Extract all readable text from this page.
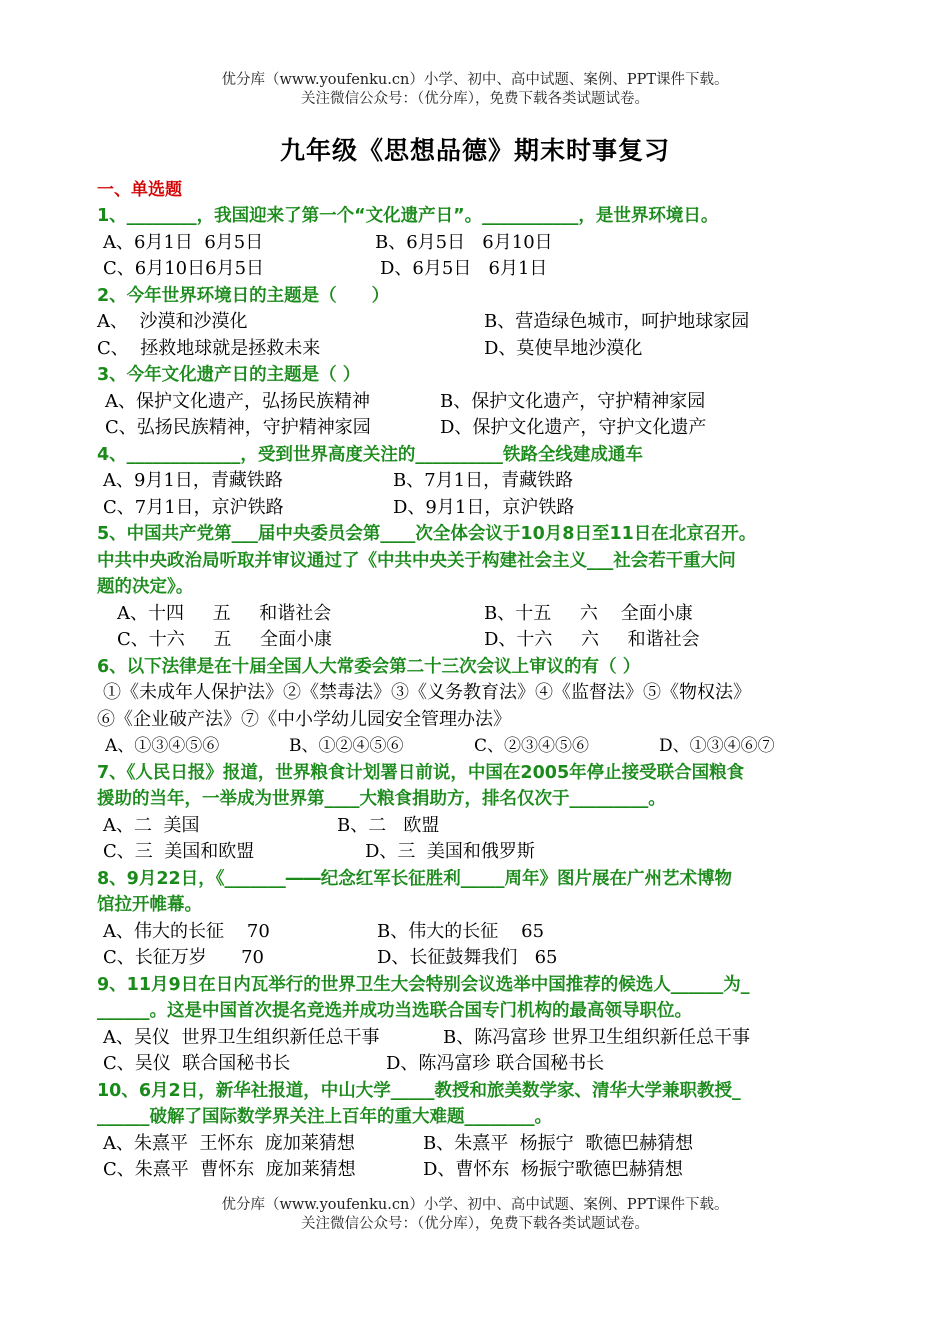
优分库（www.youfenku.cn）小学、初中、高中试题、案例、PPT课件下载。
关注微信公众号：（优分库），免费下载各类试题试卷。
九年级《思想品德》期末时事复习
一、单选题
1、________，我国迎来了第一个“文化遗产日”。___________，是世界环境日。
A、6月1日  6月5日	B、6月5日   6月10日
C、6月10日6月5日	D、6月5日   6月1日
2、今年世界环境日的主题是（　　）
A、  沙漠和沙漠化	B、营造绿色城市，呵护地球家园
C、  拯救地球就是拯救未来	D、莫使旱地沙漠化
3、今年文化遗产日的主题是（ ）
A、保护文化遗产，弘扬民族精神	B、保护文化遗产，守护精神家园
C、弘扬民族精神，守护精神家园	D、保护文化遗产，守护文化遗产
4、_____________，受到世界高度关注的__________铁路全线建成通车
A、9月1日，青藏铁路	B、7月1日，青藏铁路
C、7月1日，京沪铁路	D、9月1日，京沪铁路
5、中国共产党第___届中央委员会第____次全体会议于10月8日至11日在北京召开。
中共中央政治局听取并审议通过了《中共中央关于构建社会主义___社会若干重大问
题的决定》。
A、十四     五     和谐社会	B、十五     六    全面小康
C、十六     五     全面小康	D、十六     六     和谐社会
6、以下法律是在十届全国人大常委会第二十三次会议上审议的有（ ）
①《未成年人保护法》②《禁毒法》③《义务教育法》④《监督法》⑤《物权法》
⑥《企业破产法》⑦《中小学幼儿园安全管理办法》
A、①③④⑤⑥	B、①②④⑤⑥	C、②③④⑤⑥	D、①③④⑥⑦
7、《人民日报》报道，世界粮食计划署日前说，中国在2005年停止接受联合国粮食
援助的当年，一举成为世界第____大粮食捐助方，排名仅次于_________。
A、二  美国	B、二   欧盟
C、三  美国和欧盟	D、三  美国和俄罗斯
8、9月22日，《_______――纪念红军长征胜利_____周年》图片展在广州艺术博物
馆拉开帷幕。
A、伟大的长征    70	B、伟大的长征    65
C、长征万岁      70	D、长征鼓舞我们   65
9、11月9日在日内瓦举行的世界卫生大会特别会议选举中国推荐的候选人______为_
______。这是中国首次提名竞选并成功当选联合国专门机构的最高领导职位。
A、吴仪  世界卫生组织新任总干事	B、陈冯富珍 世界卫生组织新任总干事
C、吴仪  联合国秘书长	D、陈冯富珍 联合国秘书长
10、6月2日，新华社报道，中山大学_____教授和旅美数学家、清华大学兼职教授_
______破解了国际数学界关注上百年的重大难题________。
A、朱熹平  王怀东  庞加莱猜想	B、朱熹平  杨振宁  歌德巴赫猜想
C、朱熹平  曹怀东  庞加莱猜想	D、曹怀东  杨振宁歌德巴赫猜想
优分库（www.youfenku.cn）小学、初中、高中试题、案例、PPT课件下载。
关注微信公众号：（优分库），免费下载各类试题试卷。
